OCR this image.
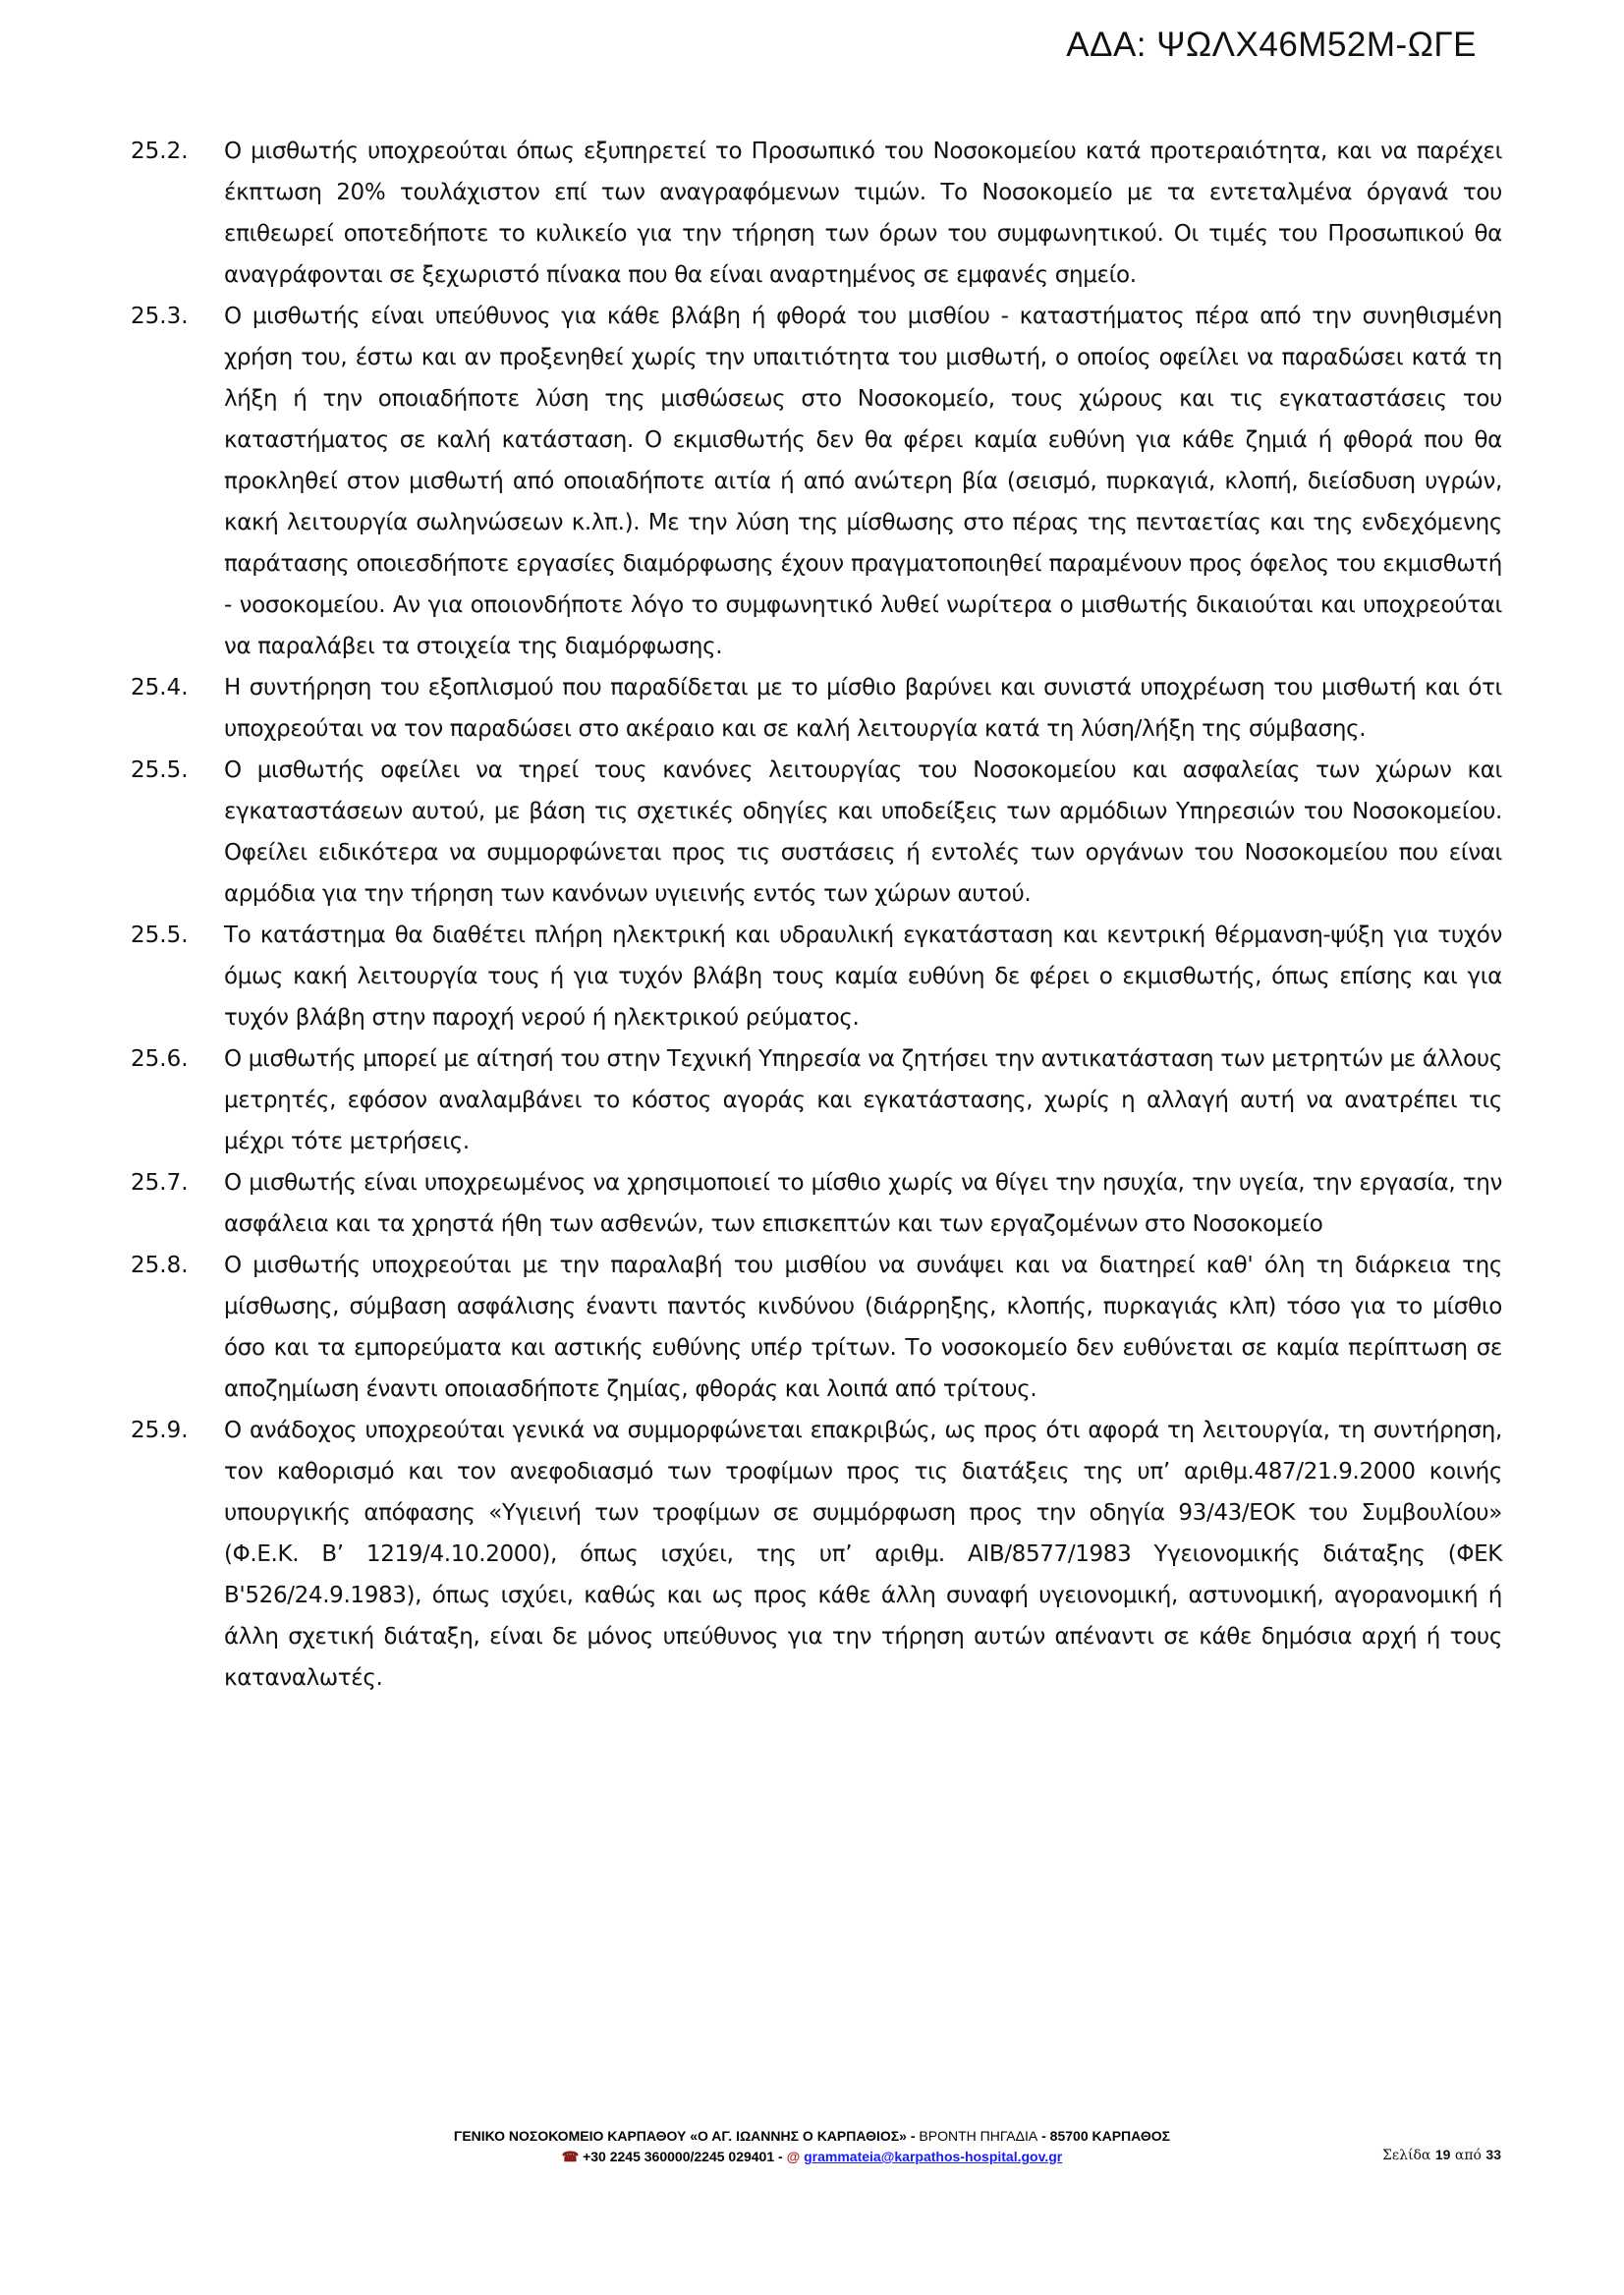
ΑΔΑ: ΨΩΛΧ46Μ52Μ-ΩΓΕ
25.2.	Ο μισθωτής υποχρεούται όπως εξυπηρετεί το Προσωπικό του Νοσοκομείου κατά προτεραιότητα, και να παρέχει έκπτωση 20% τουλάχιστον επί των αναγραφόμενων τιμών. Το Νοσοκομείο με τα εντεταλμένα όργανά του επιθεωρεί οποτεδήποτε το κυλικείο για την τήρηση των όρων του συμφωνητικού. Οι τιμές του Προσωπικού θα αναγράφονται σε ξεχωριστό πίνακα που θα είναι αναρτημένος σε εμφανές σημείο.
25.3.	Ο μισθωτής είναι υπεύθυνος για κάθε βλάβη ή φθορά του μισθίου - καταστήματος πέρα από την συνηθισμένη χρήση του, έστω και αν προξενηθεί χωρίς την υπαιτιότητα του μισθωτή, ο οποίος οφείλει να παραδώσει κατά τη λήξη ή την οποιαδήποτε λύση της μισθώσεως στο Νοσοκομείο, τους χώρους και τις εγκαταστάσεις του καταστήματος σε καλή κατάσταση. Ο εκμισθωτής δεν θα φέρει καμία ευθύνη για κάθε ζημιά ή φθορά που θα προκληθεί στον μισθωτή από οποιαδήποτε αιτία ή από ανώτερη βία (σεισμό, πυρκαγιά, κλοπή, διείσδυση υγρών, κακή λειτουργία σωληνώσεων κ.λπ.). Με την λύση της μίσθωσης στο πέρας της πενταετίας και της ενδεχόμενης παράτασης οποιεσδήποτε εργασίες διαμόρφωσης έχουν πραγματοποιηθεί παραμένουν προς όφελος του εκμισθωτή - νοσοκομείου. Αν για οποιονδήποτε λόγο το συμφωνητικό λυθεί νωρίτερα ο μισθωτής δικαιούται και υποχρεούται να παραλάβει τα στοιχεία της διαμόρφωσης.
25.4.	Η συντήρηση του εξοπλισμού που παραδίδεται με το μίσθιο βαρύνει και συνιστά υποχρέωση του μισθωτή και ότι υποχρεούται να τον παραδώσει στο ακέραιο και σε καλή λειτουργία κατά τη λύση/λήξη της σύμβασης.
25.5.	Ο μισθωτής οφείλει να τηρεί τους κανόνες λειτουργίας του Νοσοκομείου και ασφαλείας των χώρων και εγκαταστάσεων αυτού, με βάση τις σχετικές οδηγίες και υποδείξεις των αρμόδιων Υπηρεσιών του Νοσοκομείου. Οφείλει ειδικότερα να συμμορφώνεται προς τις συστάσεις ή εντολές των οργάνων του Νοσοκομείου που είναι αρμόδια για την τήρηση των κανόνων υγιεινής εντός των χώρων αυτού.
25.5.	Το κατάστημα θα διαθέτει πλήρη ηλεκτρική και υδραυλική εγκατάσταση και κεντρική θέρμανση-ψύξη για τυχόν όμως κακή λειτουργία τους ή για τυχόν βλάβη τους καμία ευθύνη δε φέρει ο εκμισθωτής, όπως επίσης και για τυχόν βλάβη στην παροχή νερού ή ηλεκτρικού ρεύματος.
25.6.	Ο μισθωτής μπορεί με αίτησή του στην Τεχνική Υπηρεσία να ζητήσει την αντικατάσταση των μετρητών με άλλους μετρητές, εφόσον αναλαμβάνει το κόστος αγοράς και εγκατάστασης, χωρίς η αλλαγή αυτή να ανατρέπει τις μέχρι τότε μετρήσεις.
25.7.	Ο μισθωτής είναι υποχρεωμένος να χρησιμοποιεί το μίσθιο χωρίς να θίγει την ησυχία, την υγεία, την εργασία, την ασφάλεια και τα χρηστά ήθη των ασθενών, των επισκεπτών και των εργαζομένων στο Νοσοκομείο
25.8.	Ο μισθωτής υποχρεούται με την παραλαβή του μισθίου να συνάψει και να διατηρεί καθ' όλη τη διάρκεια της μίσθωσης, σύμβαση ασφάλισης έναντι παντός κινδύνου (διάρρηξης, κλοπής, πυρκαγιάς κλπ) τόσο για το μίσθιο όσο και τα εμπορεύματα και αστικής ευθύνης υπέρ τρίτων. Το νοσοκομείο δεν ευθύνεται σε καμία περίπτωση σε αποζημίωση έναντι οποιασδήποτε ζημίας, φθοράς και λοιπά από τρίτους.
25.9.	Ο ανάδοχος υποχρεούται γενικά να συμμορφώνεται επακριβώς, ως προς ότι αφορά τη λειτουργία, τη συντήρηση, τον καθορισμό και τον ανεφοδιασμό των τροφίμων προς τις διατάξεις της υπ’ αριθμ.487/21.9.2000 κοινής υπουργικής απόφασης «Υγιεινή των τροφίμων σε συμμόρφωση προς την οδηγία 93/43/ΕΟΚ του Συμβουλίου» (Φ.Ε.Κ. Β’ 1219/4.10.2000), όπως ισχύει, της υπ’ αριθμ. ΑΙΒ/8577/1983 Υγειονομικής διάταξης (ΦΕΚ Β'526/24.9.1983), όπως ισχύει, καθώς και ως προς κάθε άλλη συναφή υγειονομική, αστυνομική, αγορανομική ή άλλη σχετική διάταξη, είναι δε μόνος υπεύθυνος για την τήρηση αυτών απέναντι σε κάθε δημόσια αρχή ή τους καταναλωτές.
ΓΕΝΙΚΟ ΝΟΣΟΚΟΜΕΙΟ ΚΑΡΠΑΘΟΥ «Ο ΑΓ. ΙΩΑΝΝΗΣ Ο ΚΑΡΠΑΘΙΟΣ» - ΒΡΟΝΤΗ ΠΗΓΑΔΙΑ - 85700 ΚΑΡΠΑΘΟΣ
☎ +30 2245 360000/2245 029401 - @ grammateia@karpathos-hospital.gov.gr	Σελίδα 19 από 33
